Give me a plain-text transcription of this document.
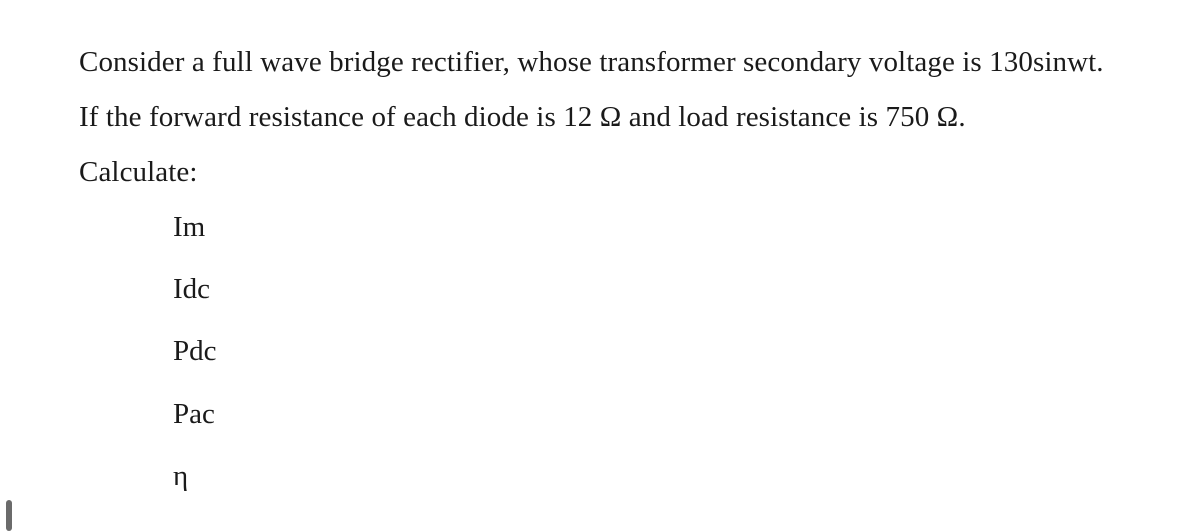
Consider a full wave bridge rectifier, whose transformer secondary voltage is 130sinwt.
If the forward resistance of each diode is 12 Ω and load resistance is 750 Ω.
Calculate:
Im
Idc
Pdc
Pac
η
